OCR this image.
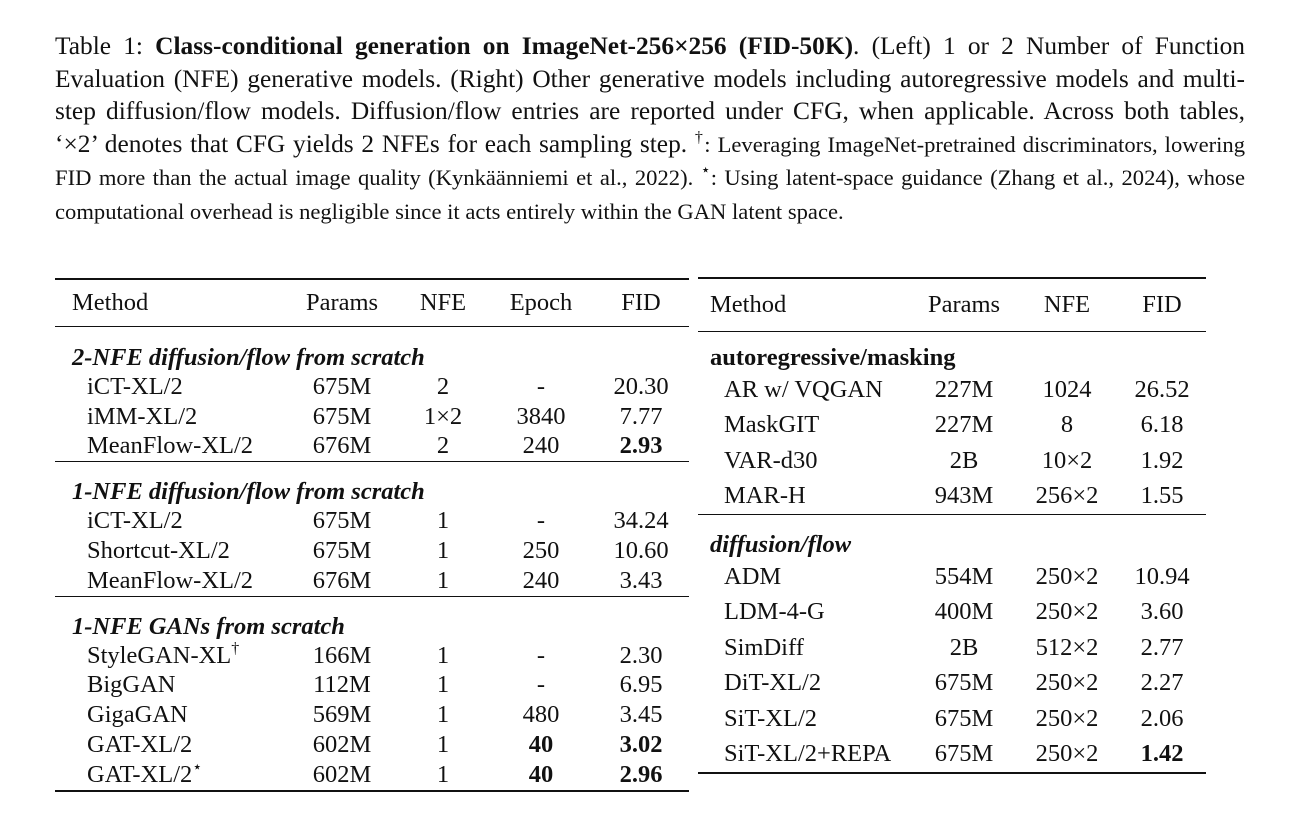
Table 1: Class-conditional generation on ImageNet-256×256 (FID-50K). (Left) 1 or 2 Number of Function Evaluation (NFE) generative models. (Right) Other generative models including autoregressive models and multi-step diffusion/flow models. Diffusion/flow entries are reported under CFG, when applicable. Across both tables, ‘×2’ denotes that CFG yields 2 NFEs for each sampling step. †: Leveraging ImageNet-pretrained discriminators, lowering FID more than the actual image quality (Kynkäänniemi et al., 2022). ⋆: Using latent-space guidance (Zhang et al., 2024), whose computational overhead is negligible since it acts entirely within the GAN latent space.
Method	Params	NFE	Epoch	FID
2-NFE diffusion/flow from scratch				
iCT-XL/2	675M	2	-	20.30
iMM-XL/2	675M	1×2	3840	7.77
MeanFlow-XL/2	676M	2	240	2.93
1-NFE diffusion/flow from scratch				
iCT-XL/2	675M	1	-	34.24
Shortcut-XL/2	675M	1	250	10.60
MeanFlow-XL/2	676M	1	240	3.43
1-NFE GANs from scratch				
StyleGAN-XL†	166M	1	-	2.30
BigGAN	112M	1	-	6.95
GigaGAN	569M	1	480	3.45
GAT-XL/2	602M	1	40	3.02
GAT-XL/2⋆	602M	1	40	2.96
Method	Params	NFE	FID
autoregressive/masking			
AR w/ VQGAN	227M	1024	26.52
MaskGIT	227M	8	6.18
VAR-d30	2B	10×2	1.92
MAR-H	943M	256×2	1.55
diffusion/flow			
ADM	554M	250×2	10.94
LDM-4-G	400M	250×2	3.60
SimDiff	2B	512×2	2.77
DiT-XL/2	675M	250×2	2.27
SiT-XL/2	675M	250×2	2.06
SiT-XL/2+REPA	675M	250×2	1.42
